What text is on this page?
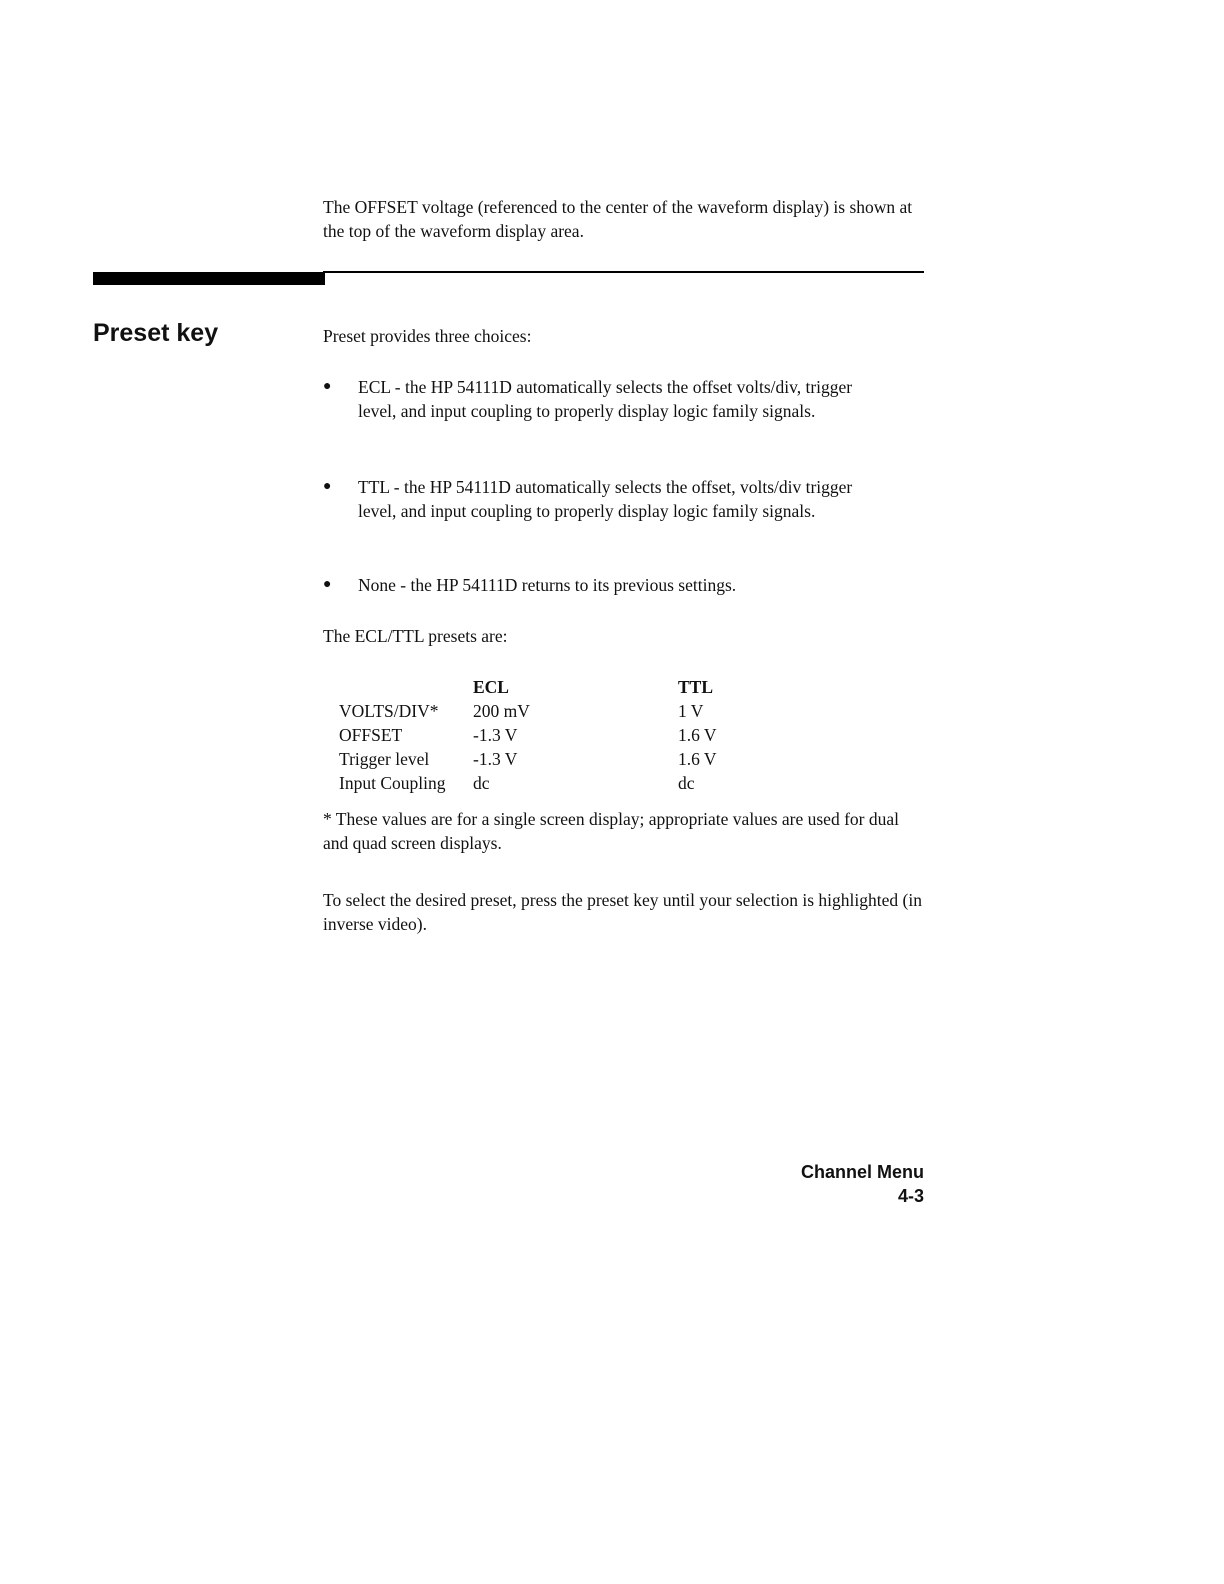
The OFFSET voltage (referenced to the center of the waveform display) is shown at the top of the waveform display area.

Preset key	Preset provides three choices:

●	ECL - the HP 54111D automatically selects the offset volts/div, trigger level, and input coupling to properly display logic family signals.
●	TTL - the HP 54111D automatically selects the offset, volts/div trigger level, and input coupling to properly display logic family signals.
●	None - the HP 54111D returns to its previous settings.

The ECL/TTL presets are:

	ECL	TTL
VOLTS/DIV*	200 mV	1 V
OFFSET	-1.3 V	1.6 V
Trigger level	-1.3 V	1.6 V
Input Coupling	dc	dc

* These values are for a single screen display; appropriate values are used for dual and quad screen displays.

To select the desired preset, press the preset key until your selection is highlighted (in inverse video).

Channel Menu
4-3
